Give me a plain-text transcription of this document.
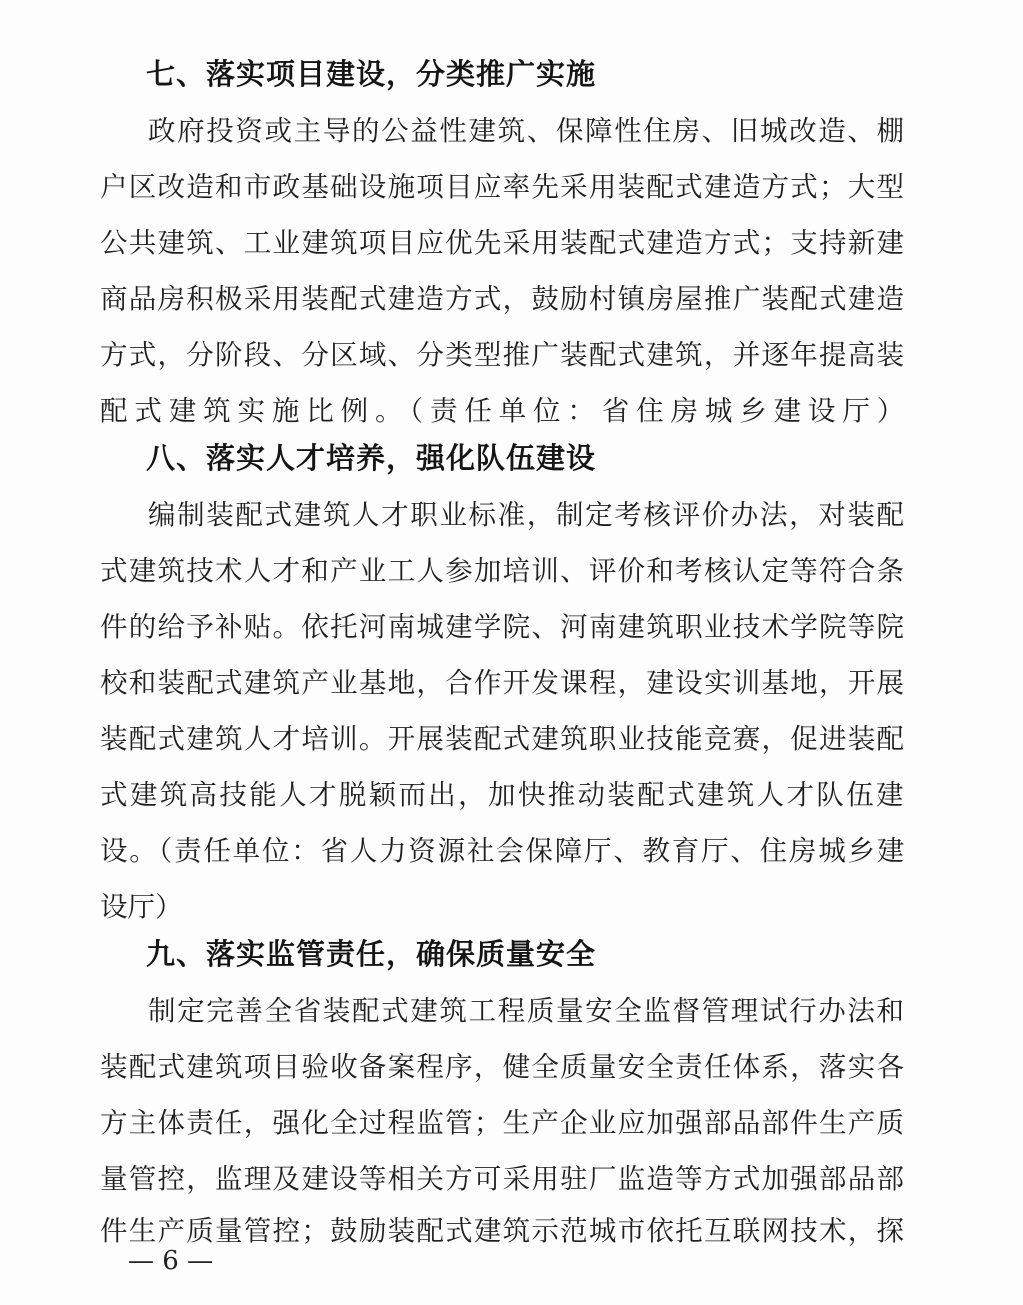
七、落实项目建设，分类推广实施
政府投资或主导的公益性建筑、保障性住房、旧城改造、棚
户区改造和市政基础设施项目应率先采用装配式建造方式；大型
公共建筑、工业建筑项目应优先采用装配式建造方式；支持新建
商品房积极采用装配式建造方式，鼓励村镇房屋推广装配式建造
方式，分阶段、分区域、分类型推广装配式建筑，并逐年提高装
配式建筑实施比例。（责任单位：省住房城乡建设厅）
八、落实人才培养，强化队伍建设
编制装配式建筑人才职业标准，制定考核评价办法，对装配
式建筑技术人才和产业工人参加培训、评价和考核认定等符合条
件的给予补贴。依托河南城建学院、河南建筑职业技术学院等院
校和装配式建筑产业基地，合作开发课程，建设实训基地，开展
装配式建筑人才培训。开展装配式建筑职业技能竞赛，促进装配
式建筑高技能人才脱颖而出，加快推动装配式建筑人才队伍建
设。（责任单位：省人力资源社会保障厅、教育厅、住房城乡建
设厅）
九、落实监管责任，确保质量安全
制定完善全省装配式建筑工程质量安全监督管理试行办法和
装配式建筑项目验收备案程序，健全质量安全责任体系，落实各
方主体责任，强化全过程监管；生产企业应加强部品部件生产质
量管控，监理及建设等相关方可采用驻厂监造等方式加强部品部
件生产质量管控；鼓励装配式建筑示范城市依托互联网技术，探
— 6 —
